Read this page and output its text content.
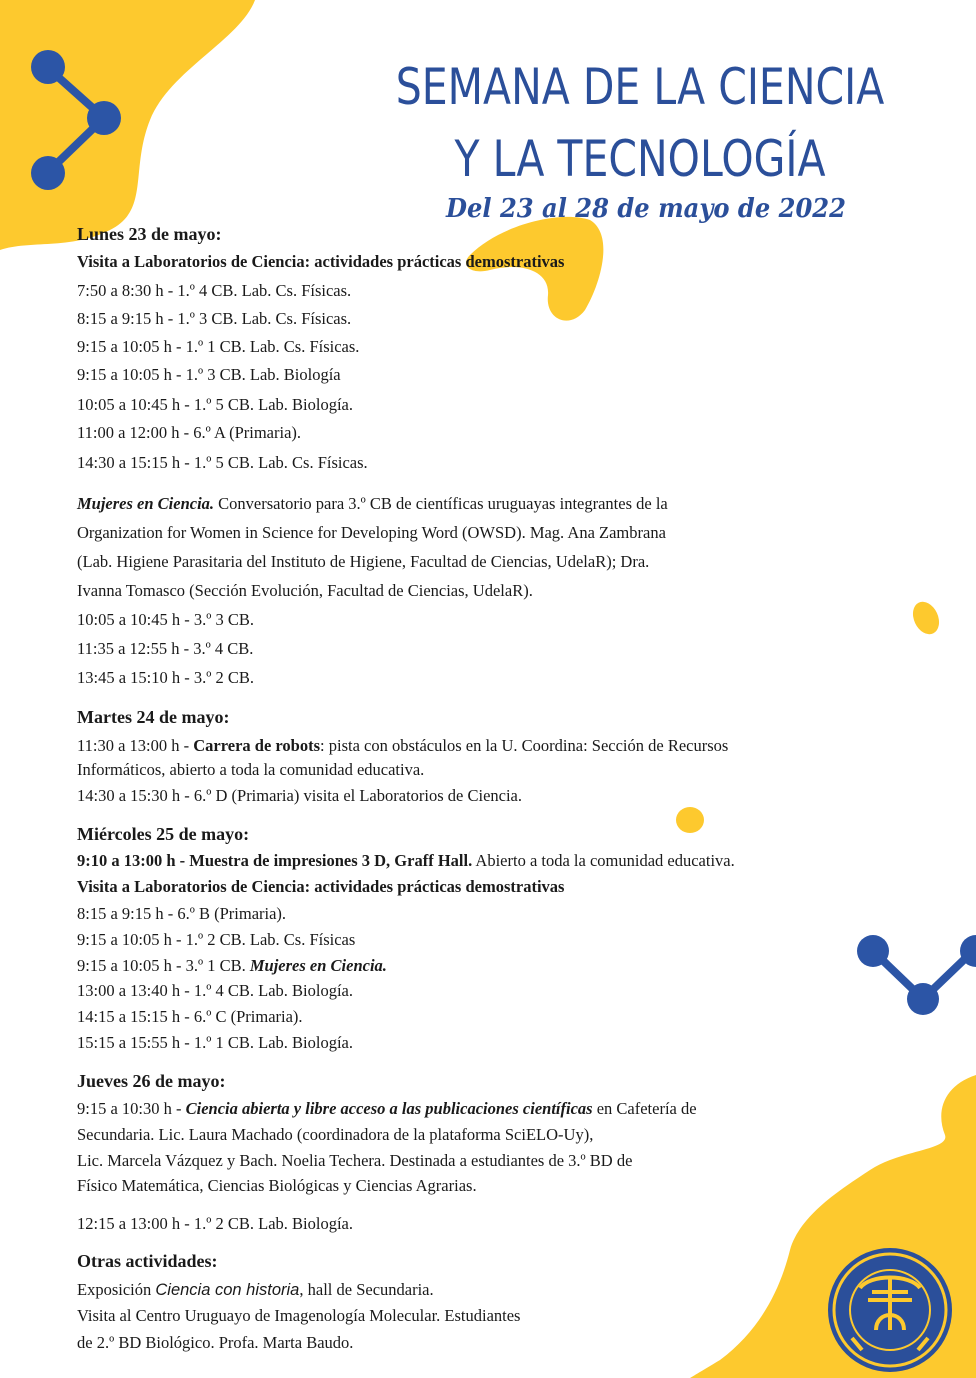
SEMANA DE LA CIENCIA
Y LA TECNOLOGÍA
Del 23 al 28 de mayo de 2022
Lunes 23 de mayo:
Visita a Laboratorios de Ciencia: actividades prácticas demostrativas
7:50 a 8:30 h - 1.º 4 CB. Lab. Cs. Físicas.
8:15 a 9:15 h - 1.º 3 CB. Lab. Cs. Físicas.
9:15 a 10:05 h - 1.º 1 CB. Lab. Cs. Físicas.
9:15 a 10:05 h - 1.º 3 CB. Lab. Biología
10:05 a 10:45 h - 1.º 5 CB. Lab. Biología.
11:00 a 12:00 h - 6.º A (Primaria).
14:30 a 15:15 h - 1.º 5 CB. Lab. Cs. Físicas.
Mujeres en Ciencia. Conversatorio para 3.º CB de científicas uruguayas integrantes de la
Organization for Women in Science for Developing Word (OWSD). Mag. Ana Zambrana
(Lab. Higiene Parasitaria del Instituto de Higiene, Facultad de Ciencias, UdelaR); Dra.
Ivanna Tomasco (Sección Evolución, Facultad de Ciencias, UdelaR).
10:05 a 10:45 h - 3.º 3 CB.
11:35 a 12:55 h - 3.º 4 CB.
13:45 a 15:10 h - 3.º 2 CB.
Martes 24 de mayo:
11:30 a 13:00 h - Carrera de robots: pista con obstáculos en la U. Coordina: Sección de Recursos
Informáticos, abierto a toda la comunidad educativa.
14:30 a 15:30 h - 6.º D (Primaria) visita el Laboratorios de Ciencia.
Miércoles 25 de mayo:
9:10 a 13:00 h - Muestra de impresiones 3 D, Graff Hall. Abierto a toda la comunidad educativa.
Visita a Laboratorios de Ciencia: actividades prácticas demostrativas
8:15 a 9:15 h - 6.º B (Primaria).
9:15 a 10:05 h - 1.º 2 CB. Lab. Cs. Físicas
9:15 a 10:05 h - 3.º 1 CB. Mujeres en Ciencia.
13:00 a 13:40 h - 1.º 4 CB. Lab. Biología.
14:15 a 15:15 h - 6.º C (Primaria).
15:15 a 15:55 h - 1.º 1 CB. Lab. Biología.
Jueves 26 de mayo:
9:15 a 10:30 h - Ciencia abierta y libre acceso a las publicaciones científicas en Cafetería de
Secundaria. Lic. Laura Machado (coordinadora de la plataforma SciELO-Uy),
Lic. Marcela Vázquez y Bach. Noelia Techera. Destinada a estudiantes de 3.º BD de
Físico Matemática, Ciencias Biológicas y Ciencias Agrarias.
12:15 a 13:00 h - 1.º 2 CB. Lab. Biología.
Otras actividades:
Exposición Ciencia con historia, hall de Secundaria.
Visita al Centro Uruguayo de Imagenología Molecular. Estudiantes
de 2.º BD Biológico. Profa. Marta Baudo.
